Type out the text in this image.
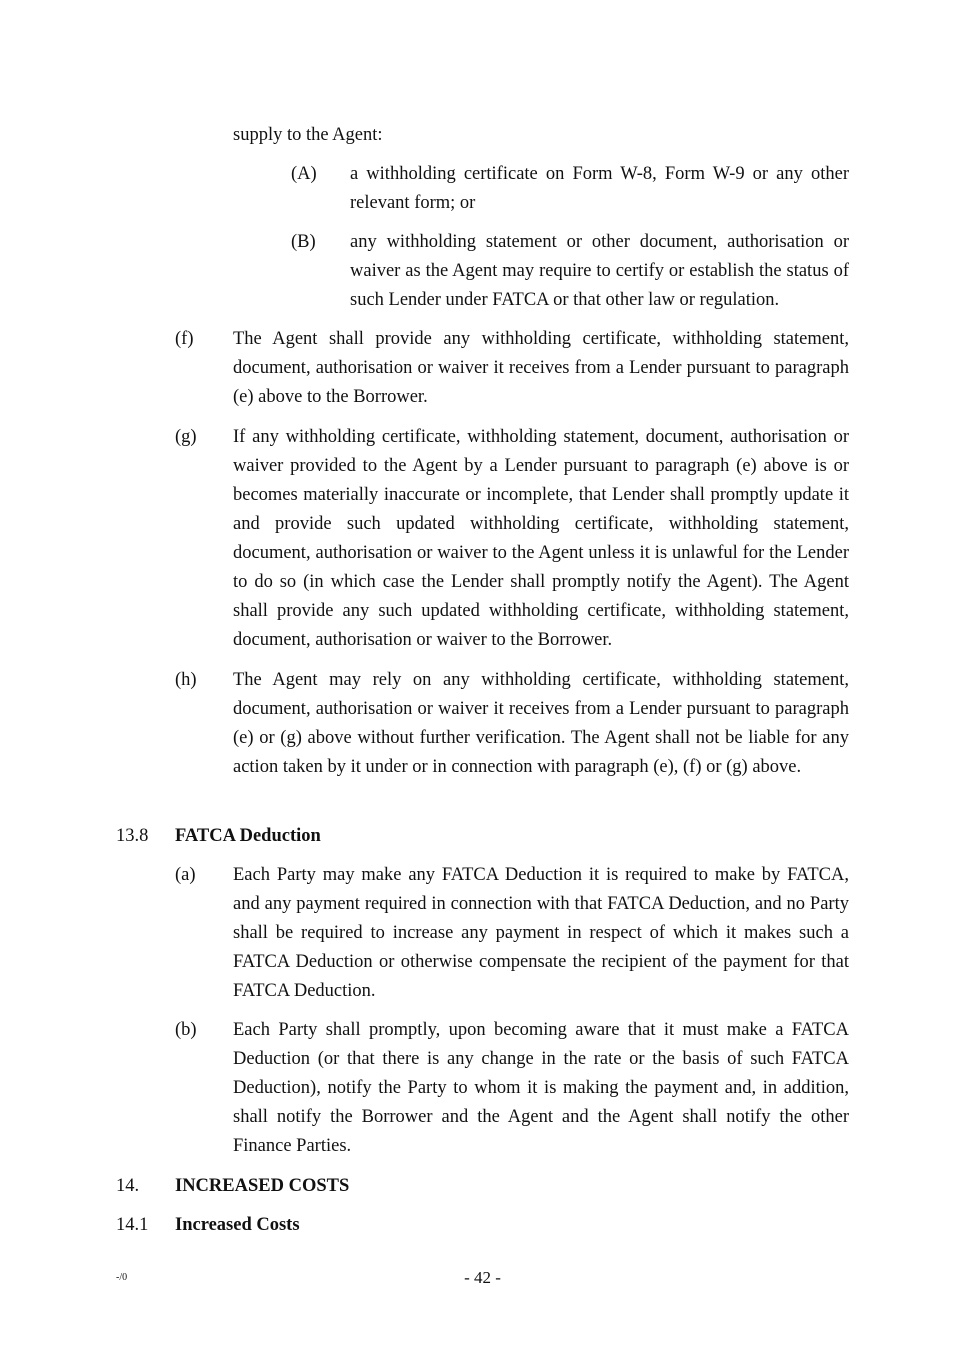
supply to the Agent:

(A) a withholding certificate on Form W-8, Form W-9 or any other relevant form; or

(B) any withholding statement or other document, authorisation or waiver as the Agent may require to certify or establish the status of such Lender under FATCA or that other law or regulation.

(f) The Agent shall provide any withholding certificate, withholding statement, document, authorisation or waiver it receives from a Lender pursuant to paragraph (e) above to the Borrower.

(g) If any withholding certificate, withholding statement, document, authorisation or waiver provided to the Agent by a Lender pursuant to paragraph (e) above is or becomes materially inaccurate or incomplete, that Lender shall promptly update it and provide such updated withholding certificate, withholding statement, document, authorisation or waiver to the Agent unless it is unlawful for the Lender to do so (in which case the Lender shall promptly notify the Agent). The Agent shall provide any such updated withholding certificate, withholding statement, document, authorisation or waiver to the Borrower.

(h) The Agent may rely on any withholding certificate, withholding statement, document, authorisation or waiver it receives from a Lender pursuant to paragraph (e) or (g) above without further verification. The Agent shall not be liable for any action taken by it under or in connection with paragraph (e), (f) or (g) above.

13.8 FATCA Deduction
(a) Each Party may make any FATCA Deduction it is required to make by FATCA, and any payment required in connection with that FATCA Deduction, and no Party shall be required to increase any payment in respect of which it makes such a FATCA Deduction or otherwise compensate the recipient of the payment for that FATCA Deduction.

(b) Each Party shall promptly, upon becoming aware that it must make a FATCA Deduction (or that there is any change in the rate or the basis of such FATCA Deduction), notify the Party to whom it is making the payment and, in addition, shall notify the Borrower and the Agent and the Agent shall notify the other Finance Parties.

14. INCREASED COSTS
14.1 Increased Costs
-/0	- 42 -
